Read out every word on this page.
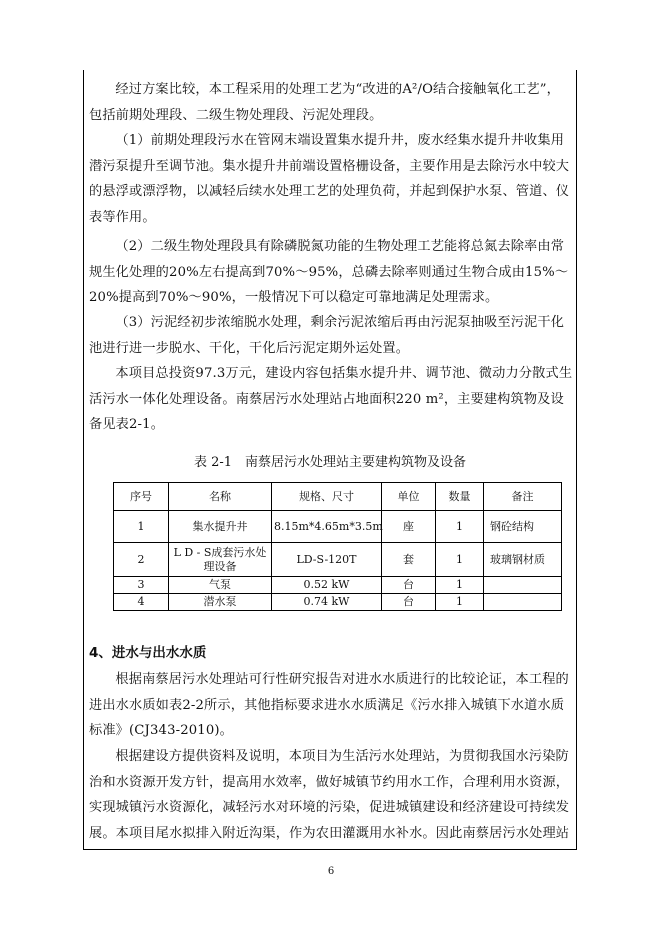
经过方案比较，本工程采用的处理工艺为“改进的A²/O结合接触氧化工艺”，包括前期处理段、二级生物处理段、污泥处理段。

（1）前期处理段污水在管网末端设置集水提升井，废水经集水提升井收集用潜污泵提升至调节池。集水提升井前端设置格栅设备，主要作用是去除污水中较大的悬浮或漂浮物，以减轻后续水处理工艺的处理负荷，并起到保护水泵、管道、仪表等作用。

（2）二级生物处理段具有除磷脱氮功能的生物处理工艺能将总氮去除率由常规生化处理的20%左右提高到70%～95%，总磷去除率则通过生物合成由15%～20%提高到70%～90%，一般情况下可以稳定可靠地满足处理需求。

（3）污泥经初步浓缩脱水处理，剩余污泥浓缩后再由污泥泵抽吸至污泥干化池进行进一步脱水、干化，干化后污泥定期外运处置。

本项目总投资97.3万元，建设内容包括集水提升井、调节池、微动力分散式生活污水一体化处理设备。南蔡居污水处理站占地面积220 m²，主要建构筑物及设备见表2-1。

表 2-1　南蔡居污水处理站主要建构筑物及设备
序号	名称	规格、尺寸	单位	数量	备注
1	集水提升井	8.15m*4.65m*3.5m	座	1	钢砼结构
2	L D - S成套污水处理设备	LD-S-120T	套	1	玻璃钢材质
3	气泵	0.52 kW	台	1	
4	潜水泵	0.74 kW	台	1	
4、进水与出水水质

根据南蔡居污水处理站可行性研究报告对进水水质进行的比较论证，本工程的进出水水质如表2-2所示，其他指标要求进水水质满足《污水排入城镇下水道水质标准》(CJ343-2010)。

根据建设方提供资料及说明，本项目为生活污水处理站，为贯彻我国水污染防治和水资源开发方针，提高用水效率，做好城镇节约用水工作，合理利用水资源，实现城镇污水资源化，减轻污水对环境的污染，促进城镇建设和经济建设可持续发展。本项目尾水拟排入附近沟渠，作为农田灌溉用水补水。因此南蔡居污水处理站

6
